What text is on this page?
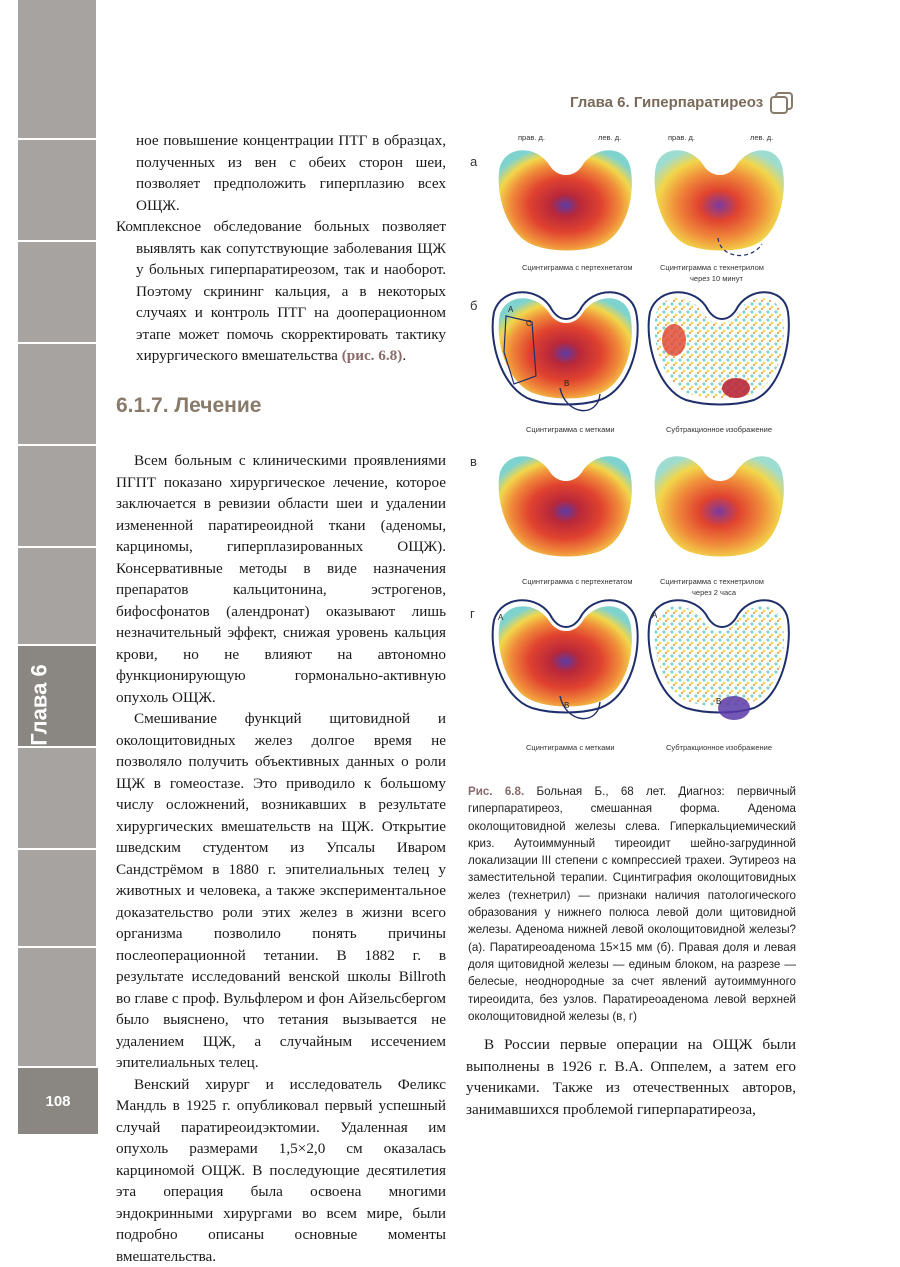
Глава 6
108
Глава 6. Гиперпаратиреоз

ное повышение концентрации ПТГ в образцах, полученных из вен с обеих сторон шеи, позволяет предположить гиперплазию всех ОЩЖ.

Комплексное обследование больных позволяет выявлять как сопутствующие заболевания ЩЖ у больных гиперпаратиреозом, так и наоборот. Поэтому скрининг кальция, а в некоторых случаях и контроль ПТГ на дооперационном этапе может помочь скорректировать тактику хирургического вмешательства (рис. 6.8).

6.1.7. Лечение

Всем больным с клиническими проявлениями ПГПТ показано хирургическое лечение, которое заключается в ревизии области шеи и удалении измененной паратиреоидной ткани (аденомы, карциномы, гиперплазированных ОЩЖ). Консервативные методы в виде назначения препаратов кальцитонина, эстрогенов, бифосфонатов (алендронат) оказывают лишь незначительный эффект, снижая уровень кальция крови, но не влияют на автономно функционирующую гормонально-активную опухоль ОЩЖ.

Смешивание функций щитовидной и околощитовидных желез долгое время не позволяло получить объективных данных о роли ЩЖ в гомеостазе. Это приводило к большому числу осложнений, возникавших в результате хирургических вмешательств на ЩЖ. Открытие шведским студентом из Упсалы Иваром Сандстрёмом в 1880 г. эпителиальных телец у животных и человека, а также экспериментальное доказательство роли этих желез в жизни всего организма позволило понять причины послеоперационной тетании. В 1882 г. в результате исследований венской школы Billroth во главе с проф. Вульфлером и фон Айзельсбергом было выяснено, что тетания вызывается не удалением ЩЖ, а случайным иссечением эпителиальных телец.

Венский хирург и исследователь Феликс Мандль в 1925 г. опубликовал первый успешный случай паратиреоидэктомии. Удаленная им опухоль размерами 1,5×2,0 см оказалась карциномой ОЩЖ. В последующие десятилетия эта операция была освоена многими эндокринными хирургами во всем мире, были подробно описаны основные моменты вмешательства.

прав. д.	лев. д.	прав. д.	лев. д.
а
б
в
г
Сцинтиграмма с пертехнетатом	Сцинтиграмма с технетрилом
через 10 минут
A
C
B
Сцинтиграмма с метками	Субтракционное изображение
Сцинтиграмма с пертехнетатом	Сцинтиграмма с технетрилом
через 2 часа
A
B
A
B
Сцинтиграмма с метками	Субтракционное изображение
Рис. 6.8. Больная Б., 68 лет. Диагноз: первичный гиперпаратиреоз, смешанная форма. Аденома околощитовидной железы слева. Гиперкальциемический криз. Аутоиммунный тиреоидит шейно-загрудинной локализации III степени с компрессией трахеи. Эутиреоз на заместительной терапии. Сцинтиграфия околощитовидных желез (технетрил) — признаки наличия патологического образования у нижнего полюса левой доли щитовидной железы. Аденома нижней левой околощитовидной железы? (а). Паратиреоаденома 15×15 мм (б). Правая доля и левая доля щитовидной железы — единым блоком, на разрезе — белесые, неоднородные за счет явлений аутоиммунного тиреоидита, без узлов. Паратиреоаденома левой верхней околощитовидной железы (в, г)

В России первые операции на ОЩЖ были выполнены в 1926 г. В.А. Оппелем, а затем его учениками. Также из отечественных авторов, занимавшихся проблемой гиперпаратиреоза,
